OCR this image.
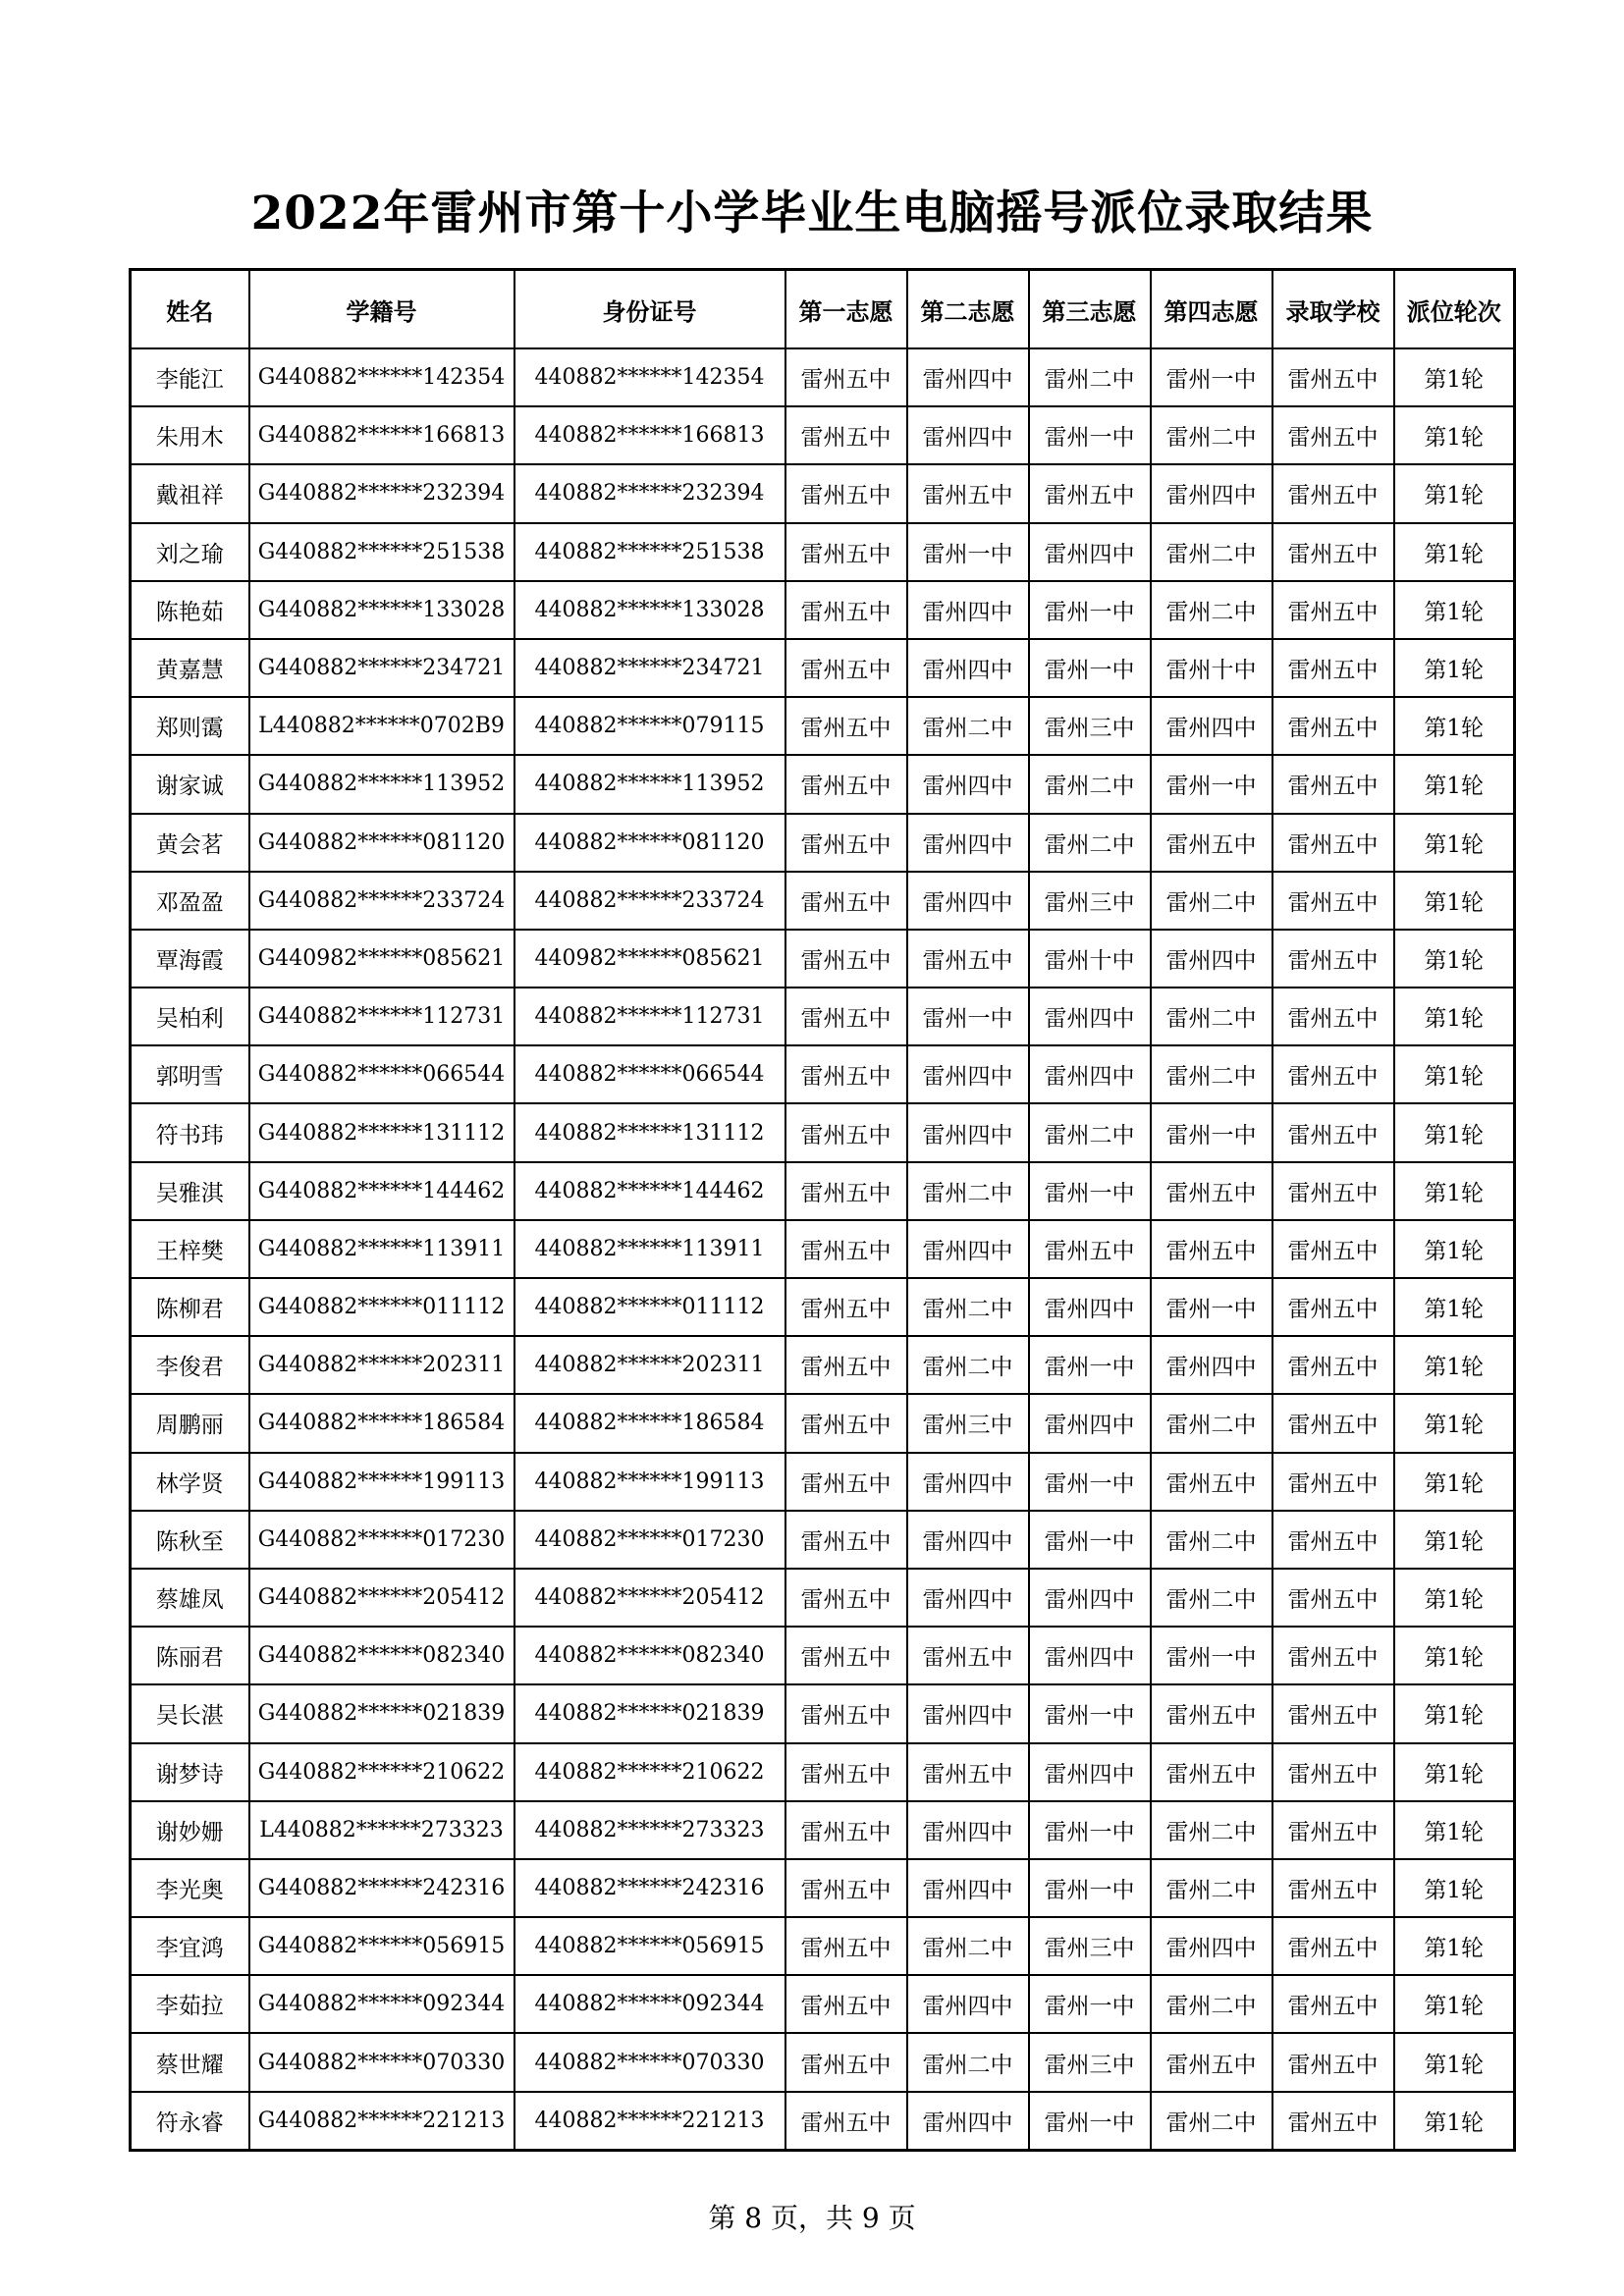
2022年雷州市第十小学毕业生电脑摇号派位录取结果
姓名	学籍号	身份证号	第一志愿	第二志愿	第三志愿	第四志愿	录取学校	派位轮次
李能江	G440882******142354	440882******142354	雷州五中	雷州四中	雷州二中	雷州一中	雷州五中	第1轮
朱用木	G440882******166813	440882******166813	雷州五中	雷州四中	雷州一中	雷州二中	雷州五中	第1轮
戴祖祥	G440882******232394	440882******232394	雷州五中	雷州五中	雷州五中	雷州四中	雷州五中	第1轮
刘之瑜	G440882******251538	440882******251538	雷州五中	雷州一中	雷州四中	雷州二中	雷州五中	第1轮
陈艳茹	G440882******133028	440882******133028	雷州五中	雷州四中	雷州一中	雷州二中	雷州五中	第1轮
黄嘉慧	G440882******234721	440882******234721	雷州五中	雷州四中	雷州一中	雷州十中	雷州五中	第1轮
郑则霭	L440882******0702B9	440882******079115	雷州五中	雷州二中	雷州三中	雷州四中	雷州五中	第1轮
谢家诚	G440882******113952	440882******113952	雷州五中	雷州四中	雷州二中	雷州一中	雷州五中	第1轮
黄会茗	G440882******081120	440882******081120	雷州五中	雷州四中	雷州二中	雷州五中	雷州五中	第1轮
邓盈盈	G440882******233724	440882******233724	雷州五中	雷州四中	雷州三中	雷州二中	雷州五中	第1轮
覃海霞	G440982******085621	440982******085621	雷州五中	雷州五中	雷州十中	雷州四中	雷州五中	第1轮
吴柏利	G440882******112731	440882******112731	雷州五中	雷州一中	雷州四中	雷州二中	雷州五中	第1轮
郭明雪	G440882******066544	440882******066544	雷州五中	雷州四中	雷州四中	雷州二中	雷州五中	第1轮
符书玮	G440882******131112	440882******131112	雷州五中	雷州四中	雷州二中	雷州一中	雷州五中	第1轮
吴雅淇	G440882******144462	440882******144462	雷州五中	雷州二中	雷州一中	雷州五中	雷州五中	第1轮
王梓樊	G440882******113911	440882******113911	雷州五中	雷州四中	雷州五中	雷州五中	雷州五中	第1轮
陈柳君	G440882******011112	440882******011112	雷州五中	雷州二中	雷州四中	雷州一中	雷州五中	第1轮
李俊君	G440882******202311	440882******202311	雷州五中	雷州二中	雷州一中	雷州四中	雷州五中	第1轮
周鹏丽	G440882******186584	440882******186584	雷州五中	雷州三中	雷州四中	雷州二中	雷州五中	第1轮
林学贤	G440882******199113	440882******199113	雷州五中	雷州四中	雷州一中	雷州五中	雷州五中	第1轮
陈秋至	G440882******017230	440882******017230	雷州五中	雷州四中	雷州一中	雷州二中	雷州五中	第1轮
蔡雄凤	G440882******205412	440882******205412	雷州五中	雷州四中	雷州四中	雷州二中	雷州五中	第1轮
陈丽君	G440882******082340	440882******082340	雷州五中	雷州五中	雷州四中	雷州一中	雷州五中	第1轮
吴长湛	G440882******021839	440882******021839	雷州五中	雷州四中	雷州一中	雷州五中	雷州五中	第1轮
谢梦诗	G440882******210622	440882******210622	雷州五中	雷州五中	雷州四中	雷州五中	雷州五中	第1轮
谢妙姗	L440882******273323	440882******273323	雷州五中	雷州四中	雷州一中	雷州二中	雷州五中	第1轮
李光奥	G440882******242316	440882******242316	雷州五中	雷州四中	雷州一中	雷州二中	雷州五中	第1轮
李宜鸿	G440882******056915	440882******056915	雷州五中	雷州二中	雷州三中	雷州四中	雷州五中	第1轮
李茹拉	G440882******092344	440882******092344	雷州五中	雷州四中	雷州一中	雷州二中	雷州五中	第1轮
蔡世耀	G440882******070330	440882******070330	雷州五中	雷州二中	雷州三中	雷州五中	雷州五中	第1轮
符永睿	G440882******221213	440882******221213	雷州五中	雷州四中	雷州一中	雷州二中	雷州五中	第1轮
第 8 页，共 9 页
